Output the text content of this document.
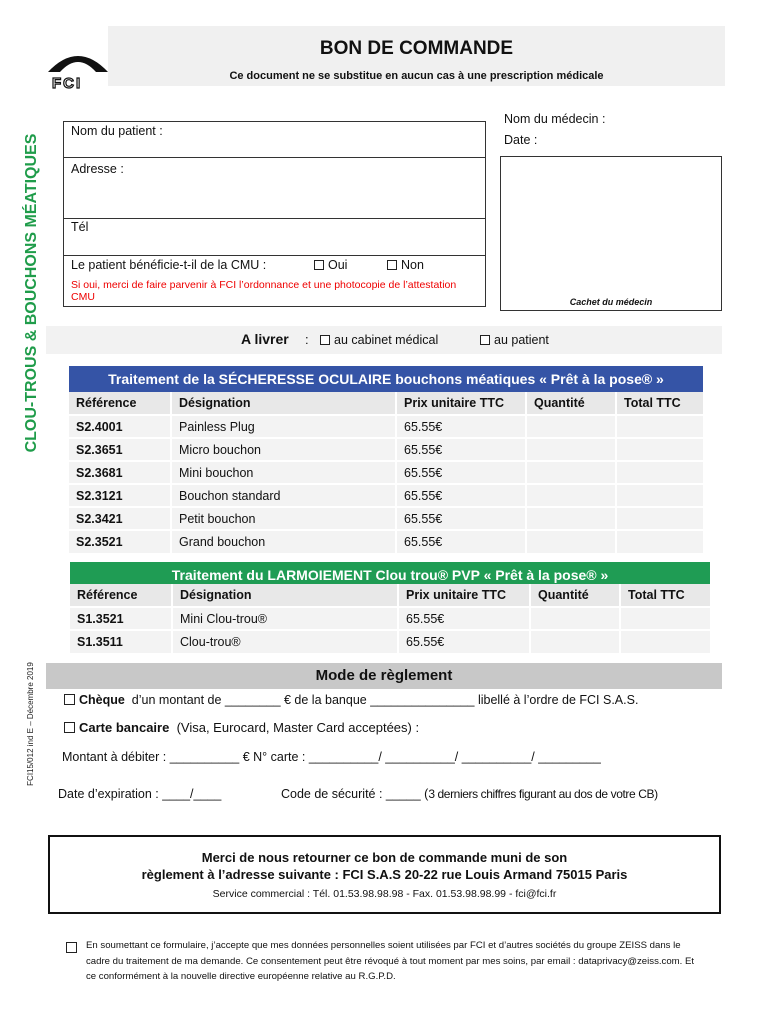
FCI
BON DE COMMANDE
Ce document ne se substitue en aucun cas à une prescription médicale
CLOU-TROUS & BOUCHONS MÉATIQUES
FCI15/012 ind E – Décembre 2019
Nom du patient :
Adresse :
Tél
Le patient bénéficie-t-il de la CMU :	Oui	Non
Si oui, merci de faire parvenir à FCI l’ordonnance et une photocopie de l’attestation CMU
Nom du médecin :
Date :
Cachet du médecin
A livrer :	au cabinet médical	au patient
Traitement de la SÉCHERESSE OCULAIRE bouchons méatiques « Prêt à la pose® »
Référence	Désignation	Prix unitaire TTC	Quantité	Total TTC
S2.4001	Painless Plug	65.55€		
S2.3651	Micro bouchon	65.55€		
S2.3681	Mini bouchon	65.55€		
S2.3121	Bouchon standard	65.55€		
S2.3421	Petit bouchon	65.55€		
S2.3521	Grand bouchon	65.55€		
Traitement du LARMOIEMENT Clou trou® PVP « Prêt à la pose® »
Référence	Désignation	Prix unitaire TTC	Quantité	Total TTC
S1.3521	Mini Clou-trou®	65.55€		
S1.3511	Clou-trou®	65.55€		
Mode de règlement
Chèque d’un montant de ________ € de la banque _______________ libellé à l’ordre de FCI S.A.S.
Carte bancaire (Visa, Eurocard, Master Card acceptées) :
Montant à débiter : __________ € N° carte : __________/ __________/ __________/ _________
Date d’expiration : ____/____	Code de sécurité : _____ (3 derniers chiffres figurant au dos de votre CB)
Merci de nous retourner ce bon de commande muni de son
règlement à l’adresse suivante : FCI S.A.S 20-22 rue Louis Armand 75015 Paris
Service commercial : Tél. 01.53.98.98.98 - Fax. 01.53.98.98.99 - fci@fci.fr
En soumettant ce formulaire, j’accepte que mes données personnelles soient utilisées par FCI et d’autres sociétés du groupe ZEISS dans le cadre du traitement de ma demande. Ce consentement peut être révoqué à tout moment par mes soins, par email : dataprivacy@zeiss.com. Et ce conformément à la nouvelle directive européenne relative au R.G.P.D.
